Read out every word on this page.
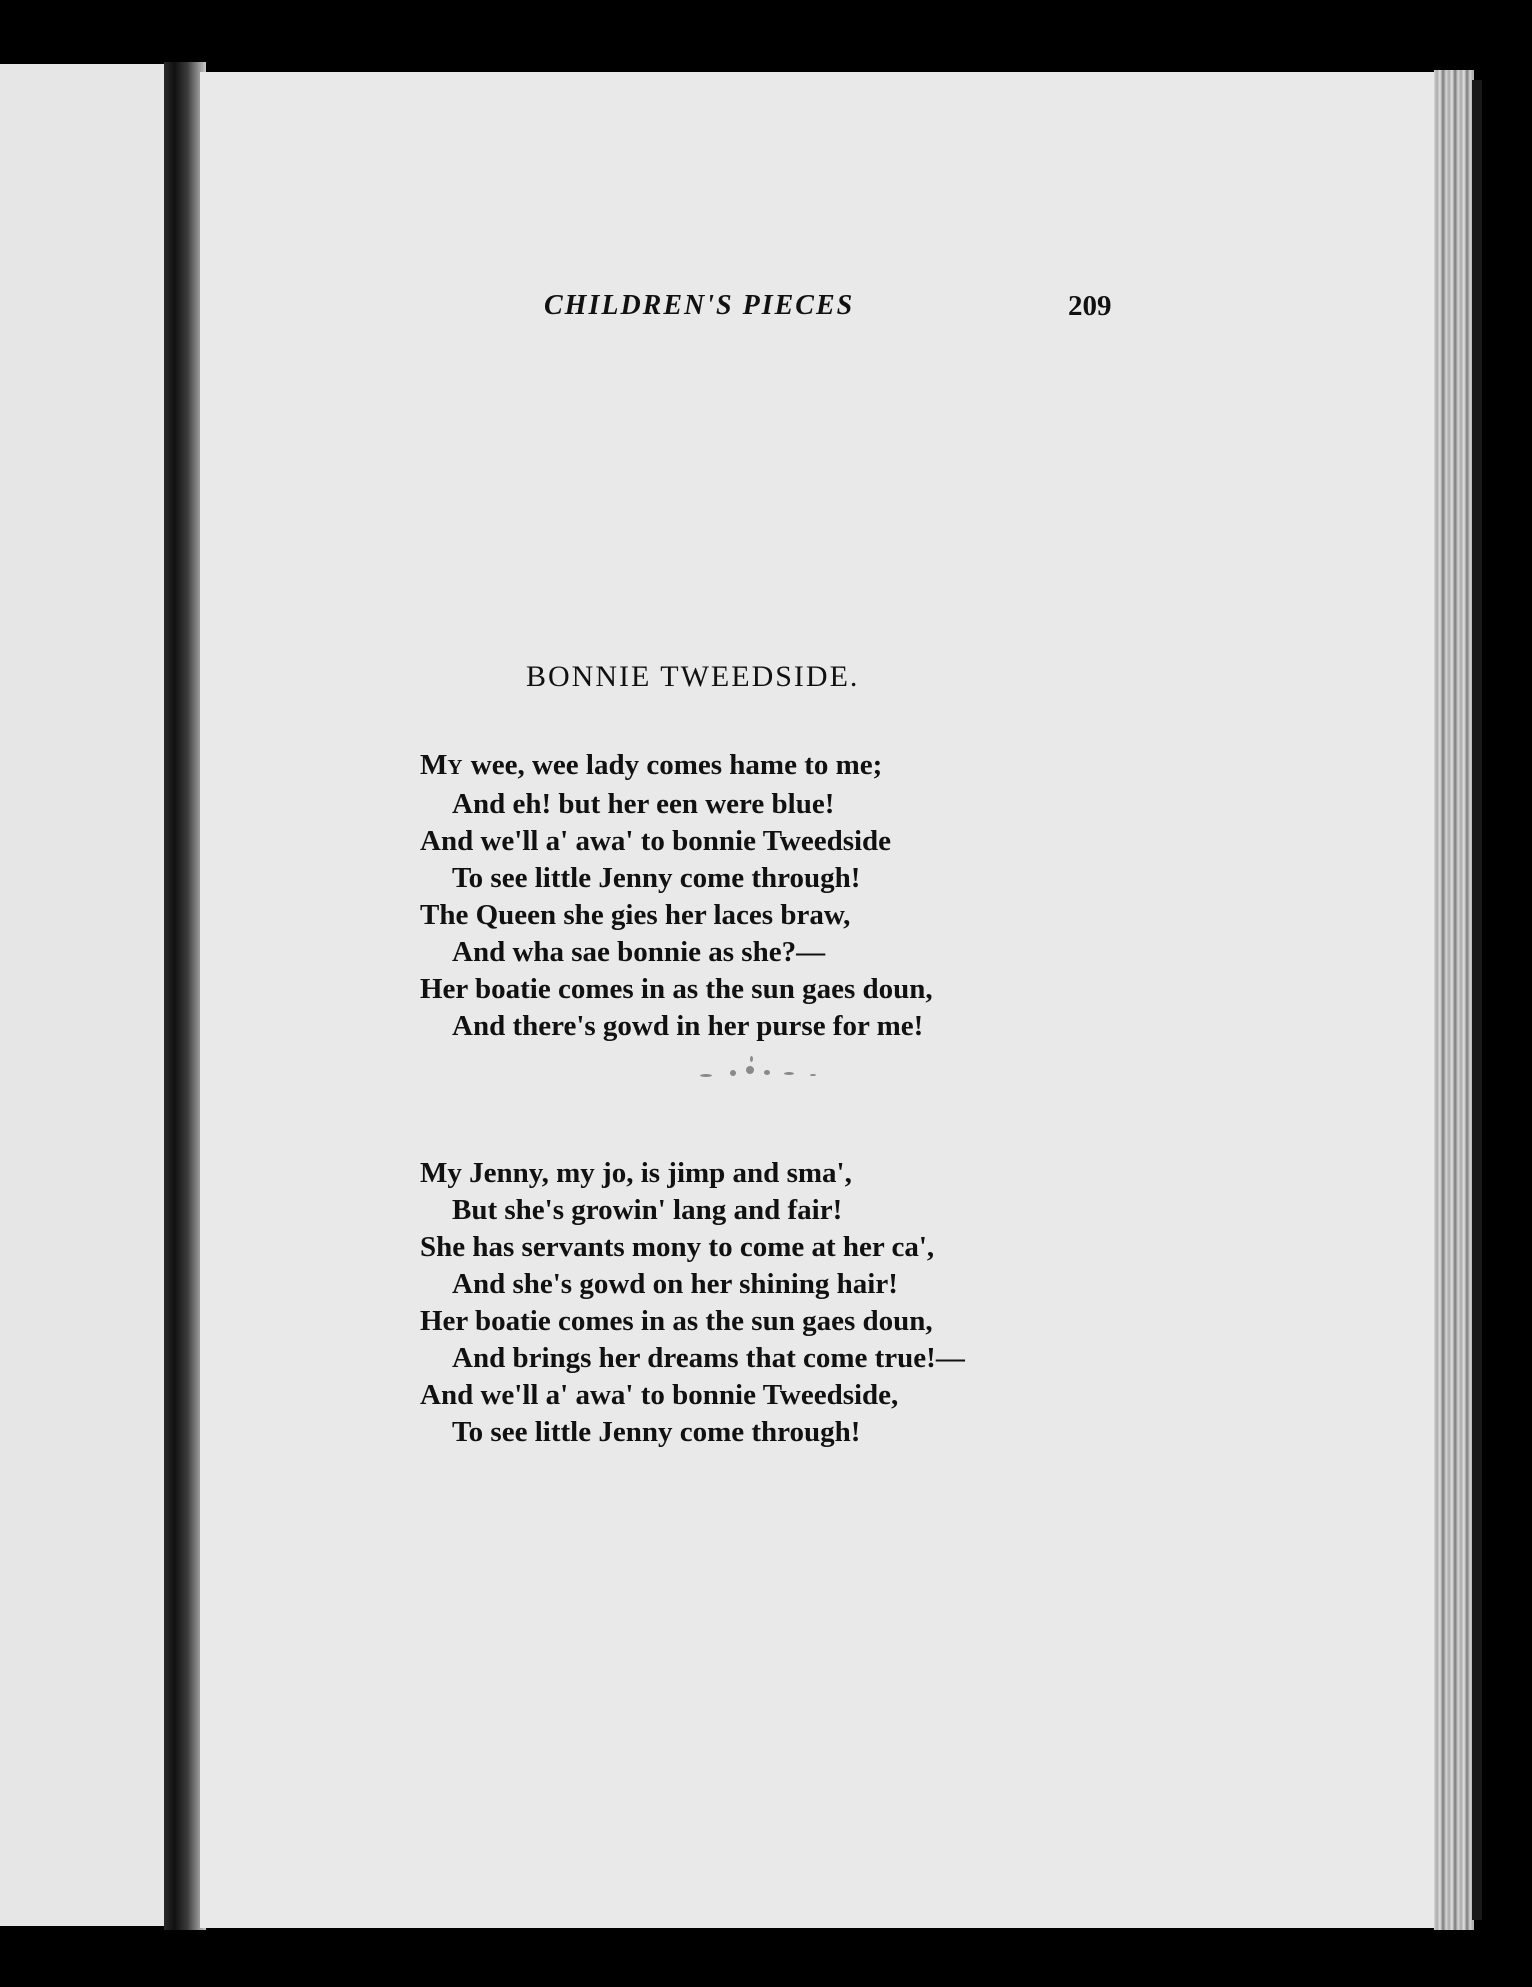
CHILDREN'S PIECES	209
BONNIE TWEEDSIDE.
MY wee, wee lady comes hame to me;
And eh! but her een were blue!
And we'll a' awa' to bonnie Tweedside
To see little Jenny come through!
The Queen she gies her laces braw,
And wha sae bonnie as she?—
Her boatie comes in as the sun gaes doun,
And there's gowd in her purse for me!
My Jenny, my jo, is jimp and sma',
But she's growin' lang and fair!
She has servants mony to come at her ca',
And she's gowd on her shining hair!
Her boatie comes in as the sun gaes doun,
And brings her dreams that come true!—
And we'll a' awa' to bonnie Tweedside,
To see little Jenny come through!
